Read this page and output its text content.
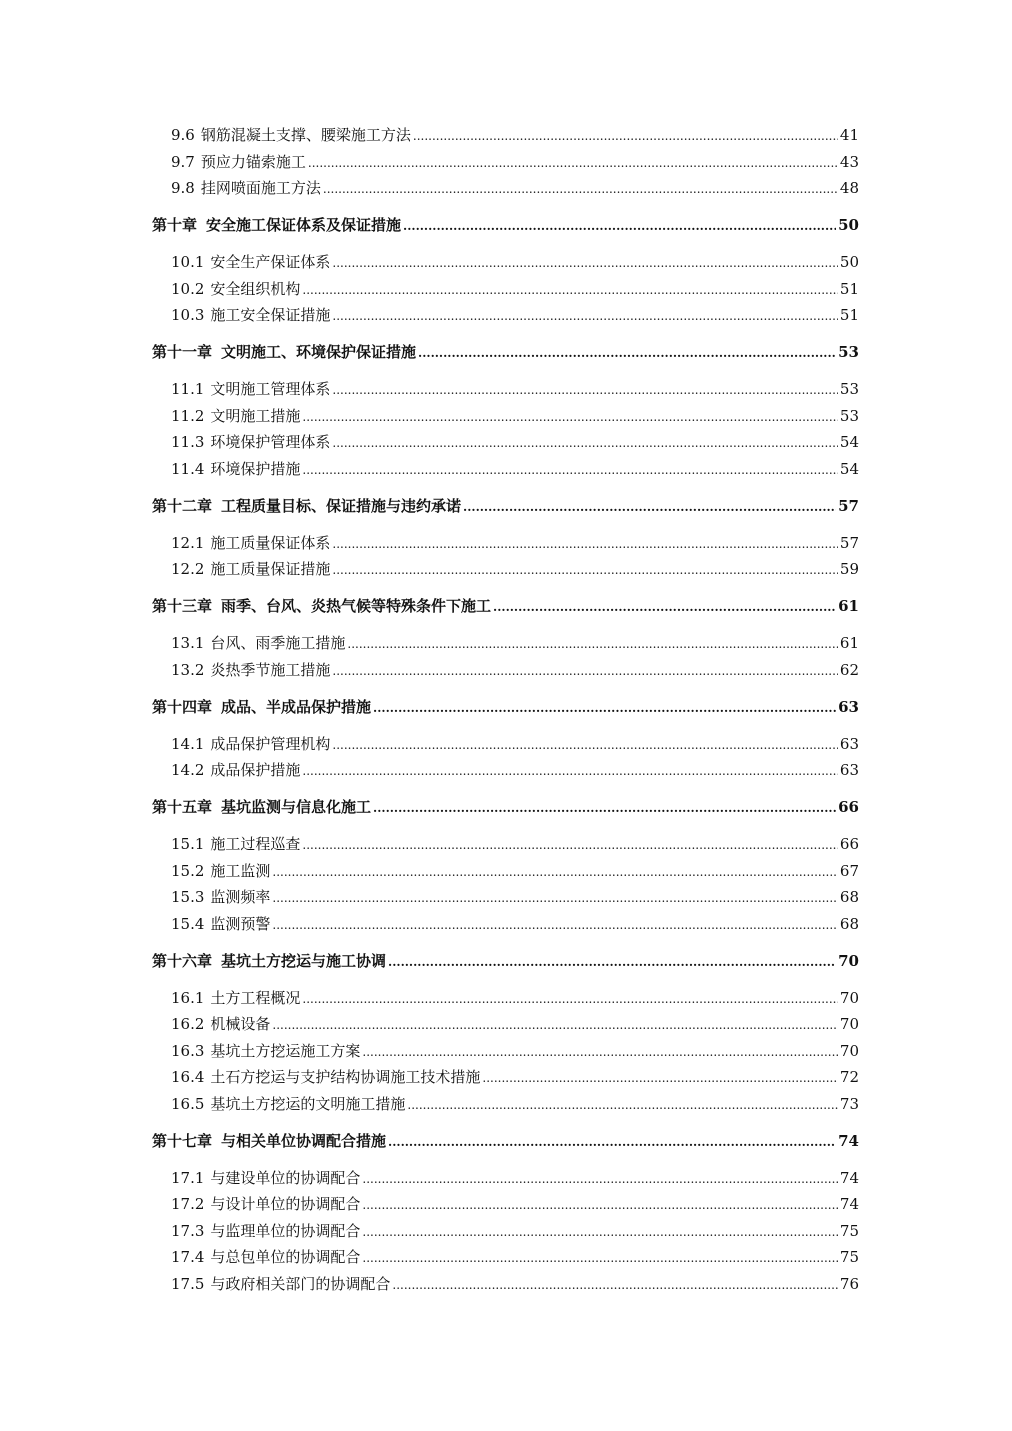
9.6 钢筋混凝土支撑、腰梁施工方法 .....	41
9.7 预应力锚索施工 .....	43
9.8 挂网喷面施工方法 .....	48
第十章 安全施工保证体系及保证措施 .....	50
10.1 安全生产保证体系 .....	50
10.2 安全组织机构 .....	51
10.3 施工安全保证措施 .....	51
第十一章 文明施工、环境保护保证措施 .....	53
11.1 文明施工管理体系 .....	53
11.2 文明施工措施 .....	53
11.3 环境保护管理体系 .....	54
11.4 环境保护措施 .....	54
第十二章 工程质量目标、保证措施与违约承诺 .....	57
12.1 施工质量保证体系 .....	57
12.2 施工质量保证措施 .....	59
第十三章 雨季、台风、炎热气候等特殊条件下施工 .....	61
13.1 台风、雨季施工措施 .....	61
13.2 炎热季节施工措施 .....	62
第十四章 成品、半成品保护措施 .....	63
14.1 成品保护管理机构 .....	63
14.2 成品保护措施 .....	63
第十五章 基坑监测与信息化施工 .....	66
15.1 施工过程巡查 .....	66
15.2 施工监测 .....	67
15.3 监测频率 .....	68
15.4 监测预警 .....	68
第十六章 基坑土方挖运与施工协调 .....	70
16.1 土方工程概况 .....	70
16.2 机械设备 .....	70
16.3 基坑土方挖运施工方案 .....	70
16.4 土石方挖运与支护结构协调施工技术措施 .....	72
16.5 基坑土方挖运的文明施工措施 .....	73
第十七章 与相关单位协调配合措施 .....	74
17.1 与建设单位的协调配合 .....	74
17.2 与设计单位的协调配合 .....	74
17.3 与监理单位的协调配合 .....	75
17.4 与总包单位的协调配合 .....	75
17.5 与政府相关部门的协调配合 .....	76
